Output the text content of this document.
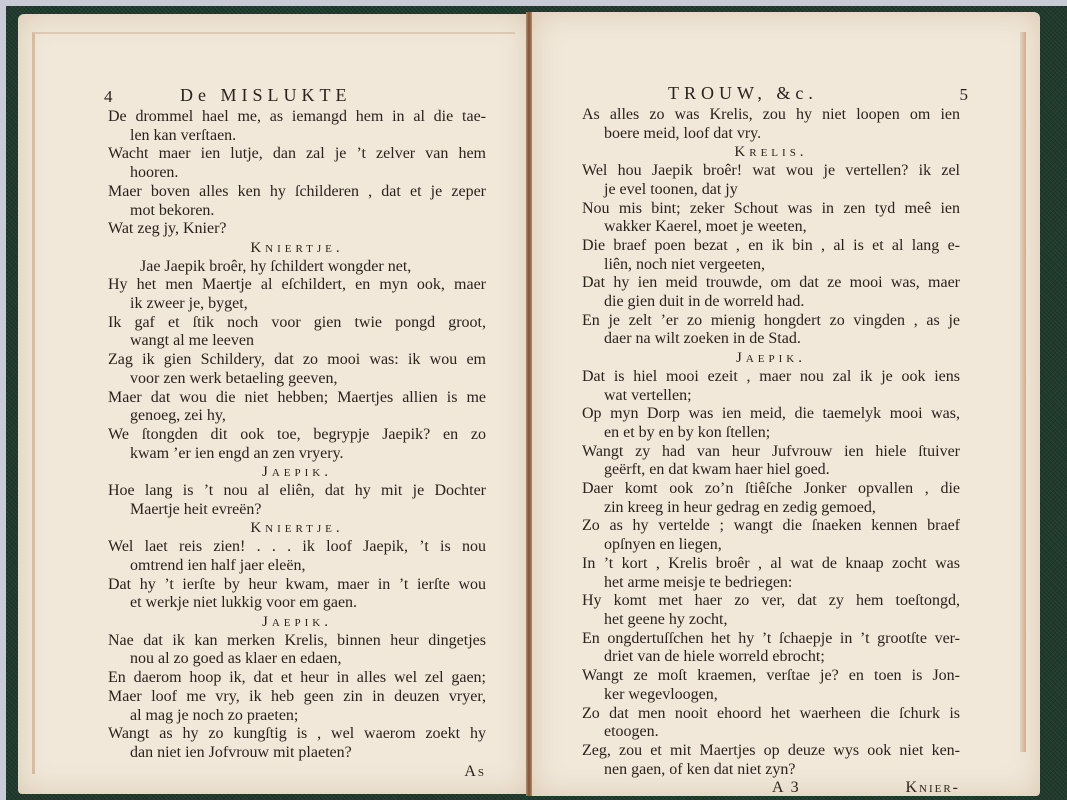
4	De MISLUKTE
De drommel hael me, as iemangd hem in al die tae-
len kan verſtaen.
Wacht maer ien lutje, dan zal je ’t zelver van hem
hooren.
Maer boven alles ken hy ſchilderen , dat et je zeper
mot bekoren.
Wat zeg jy, Knier?
Kniertje.
Jae Jaepik broêr, hy ſchildert wongder net,
Hy het men Maertje al eſchildert, en myn ook, maer
ik zweer je, byget,
Ik gaf et ſtik noch voor gien twie pongd groot,
wangt al me leeven
Zag ik gien Schildery, dat zo mooi was: ik wou em
voor zen werk betaeling geeven,
Maer dat wou die niet hebben; Maertjes allien is me
genoeg, zei hy,
We ſtongden dit ook toe, begrypje Jaepik? en zo
kwam ’er ien engd an zen vryery.
Jaepik.
Hoe lang is ’t nou al eliên, dat hy mit je Dochter
Maertje heit evreën?
Kniertje.
Wel laet reis zien! . . . ik loof Jaepik, ’t is nou
omtrend ien half jaer eleën,
Dat hy ’t ierſte by heur kwam, maer in ’t ierſte wou
et werkje niet lukkig voor em gaen.
Jaepik.
Nae dat ik kan merken Krelis, binnen heur dingetjes
nou al zo goed as klaer en edaen,
En daerom hoop ik, dat et heur in alles wel zel gaen;
Maer loof me vry, ik heb geen zin in deuzen vryer,
al mag je noch zo praeten;
Wangt as hy zo kungſtig is , wel waerom zoekt hy
dan niet ien Jofvrouw mit plaeten?
As
TROUW, &c.	5
As alles zo was Krelis, zou hy niet loopen om ien
boere meid, loof dat vry.
Krelis.
Wel hou Jaepik broêr! wat wou je vertellen? ik zel
je evel toonen, dat jy
Nou mis bint; zeker Schout was in zen tyd meê ien
wakker Kaerel, moet je weeten,
Die braef poen bezat , en ik bin , al is et al lang e-
liên, noch niet vergeeten,
Dat hy ien meid trouwde, om dat ze mooi was, maer
die gien duit in de worreld had.
En je zelt ’er zo mienig hongdert zo vingden , as je
daer na wilt zoeken in de Stad.
Jaepik.
Dat is hiel mooi ezeit , maer nou zal ik je ook iens
wat vertellen;
Op myn Dorp was ien meid, die taemelyk mooi was,
en et by en by kon ſtellen;
Wangt zy had van heur Jufvrouw ien hiele ſtuiver
geërft, en dat kwam haer hiel goed.
Daer komt ook zo’n ſtiêſche Jonker opvallen , die
zin kreeg in heur gedrag en zedig gemoed,
Zo as hy vertelde ; wangt die ſnaeken kennen braef
opſnyen en liegen,
In ’t kort , Krelis broêr , al wat de knaap zocht was
het arme meisje te bedriegen:
Hy komt met haer zo ver, dat zy hem toeſtongd,
het geene hy zocht,
En ongdertuſſchen het hy ’t ſchaepje in ’t grootſte ver-
driet van de hiele worreld ebrocht;
Wangt ze moſt kraemen, verſtae je? en toen is Jon-
ker wegevloogen,
Zo dat men nooit ehoord het waerheen die ſchurk is
etoogen.
Zeg, zou et mit Maertjes op deuze wys ook niet ken-
nen gaen, of ken dat niet zyn?
A 3	Knier-
